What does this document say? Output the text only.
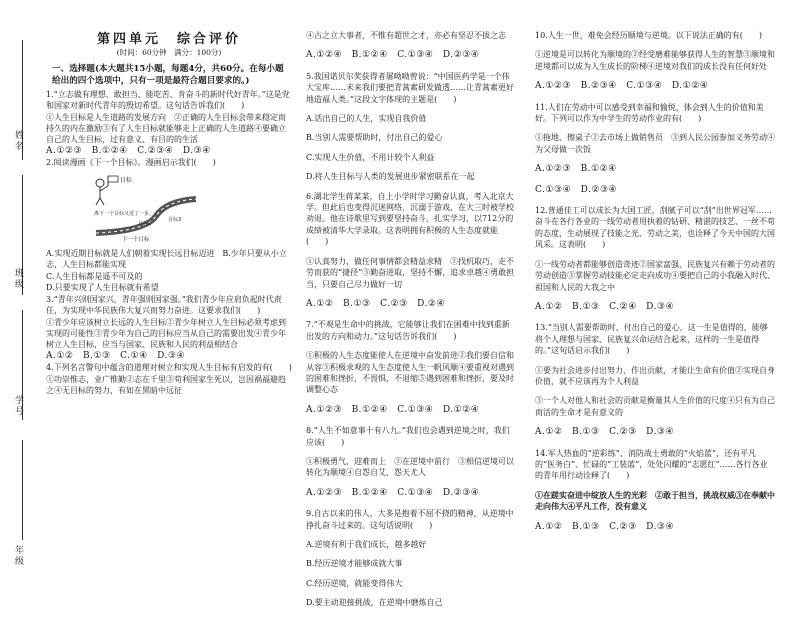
姓名
班级
学号
年级
第四单元　综合评价
(时间：60分钟　满分：100分)
一、选择题(本大题共15小题，每题4分，共60分。在每小题给出的四个选项中，只有一项是最符合题目要求的。)

1.“立志做有理想、敢担当、能吃苦、肯奋斗的新时代好青年。”这是党和国家对新时代青年的殷切希望。这句话告诉我们(　　)

①人生目标是人生道路的发展方向　②正确的人生目标会带来稳定而持久的内在激励③有了人生目标就能够走上正确的人生道路④要确立自己的人生目标，过有意义、有目的的生活

A.①②③　B.①②④　C.②③④　D.③④

2.阅读漫画《下一个目标》。漫画启示我们(　　)

目标
离下一个目标又近了一步。
目标2
目标3
下一个目标

A.实现近期目标就是人们朝着实现长远目标迈进　B.少年只要从小立志，人生目标都能实现

C.人生目标都是遥不可及的

D.只要实现了人生目标就有希望

3.“青年兴则国家兴，青年强则国家强。”我们青少年应肩负起时代责任，为实现中华民族伟大复兴而努力奋进。这要求我们(　　)

①青少年应该树立长远的人生目标②青少年树立人生目标必须考虑到实现的可能性③青少年为自己的目标应当从自己的需要出发④青少年树立人生目标，应当与国家、民族和人民的利益相结合

A.①②　B.①③　C.①④　D.③④

4.下列名言警句中蕴含的道理对树立和实现人生目标有启发的有(　　)

①功崇惟志，业广惟勤②志在千里③苟利国家生死以，岂因祸福避趋之④无目标的努力，有如在黑暗中远征

④古之立大事者，不惟有超世之才，亦必有坚忍不拔之志

A.①②④　B.①②④　C.①③④　D.②③④

5.我国诺贝尔奖获得者屠呦呦曾说：“中国医药学是一个伟大宝库……未来我们要把青蒿素研发做透……让青蒿素更好地造福人类。”这段文字体现的主题是(　　)

A.话出自己的人生，实现自我价值

B.当别人需要帮助时，付出自己的爱心

C.实现人生价值，不用计较个人利益

D.将人生目标与人类的发展进步紧密联系在一起

6.湖北学生蒋某某，自上小学时学习勤奋认真，考入北京大学。但此后也变得沉迷网络，沉溺于游戏，在大三时被学校劝退。他在诗歌里写到要坚持奋斗，扎实学习，以712分的成绩被清华大学录取。这表明拥有积极的人生态度就能(　　)

①认真努力，做任何事情都会精益求精　②找机取巧，走不劳而获的“捷径”③勤奋进取，坚持不懈，追求卓越④勇敢担当，只要自己尽力做好一切

A.①②　B.①③　C.②③　D.②④

7.“不观是生命中的挑战，它能够让我们在困难中找到重新出发的方向和动力。”这句话告诉我们(　　)

①积极的人生态度能使人在逆境中奋发前进②我们要自信和从容③积极求观的人生态度使人生一帆风顺④要重视对遇到的困难和挫折，不畏惧，不退缩⑤遇到困难和挫折，要及时调整心态

A.①②③　B.①②④　C.①③④　D.①②④

8.“人生不如意事十有八九。”我们也会遇到逆境之时，我们应该(　　)

①积极勇气，迎难而上　②在逆境中前行　③相信逆境可以转化为顺境④自怨自艾，怨天尤人

A.①②③　B.①②④　C.①③④　D.②③④

9.自古以来的伟人，大多是抱着不屈不挠的精神，从逆境中挣扎奋斗过来的。这句话说明(　　)

A.逆境有利于我们成长，越多越好

B.经历逆境才能够成就大事

C.经历逆境，就能变得伟大

D.要主动迎接挑战，在逆境中磨炼自己

10.人生一世，难免会经历顺境与逆境。以下说法正确的有(　　)

①逆境是可以转化为顺境的②经受磨难能够获得人生的智慧③顺境和逆境都可以成为人生成长的阶梯④逆境对我们的成长没有任何好处

A.①②③　B.②③④　C.①③④　D.①②④

11.人们在劳动中可以感受到幸福和愉悦，体会到人生的价值和美好。下列可以作为中学生的劳动作业的有(　　)

①拖地、擦桌子②去市场上做销售员　③到人民公园参加义务劳动④为父母做一次饭

A.①②③　B.①②④

C.①③④　D.②③④

12.普通佳工可以成长为大国工匠，刮腻子可以“刮”出世界冠军……奋斗在各行各业的一线劳动者用执着的钻研、精湛的技艺、一丝不苟的态度，生动展现了技能之光、劳动之美，也诠释了今天中国的大国风采。这表明(　　)

①一线劳动者都能够创造奇迹②国家富强、民族复兴有赖于劳动者的劳动创造③掌握劳动技能必定走向成功④要把自己的小我融入时代、祖国和人民的大我之中

A.①②　B.①③　C.②④　D.③④

13.“当别人需要帮助时，付出自己的爱心，这一生是值得的，能够将个人理想与国家、民族复兴命运结合起来，这样的一生是值得的。”这句话启示我们(　　)

①要为社会进步付出努力，作出贡献，才能让生命有价值②实现自身价值，就不应该再为个人利益

③一个人对他人和社会的贡献是衡量其人生价值的尺度④只有为自己而活的生命才是有意义的

A.①②　B.①③　C.②③　D.③④

14.军人热血的“逆彩练”、消防战士勇敢的“火焰蓝”，还有平凡的“医务白”、忙碌的“工装蓝”，处处闪耀的“志愿红”……各行各业的青年用行动诠释了(　　)

①在蹉实奋进中绽放人生的光彩　②敢于担当，挑战权威③在奉献中走向伟大④平凡工作，没有意义

A.①②　B.①③　C.②③　D.③④
